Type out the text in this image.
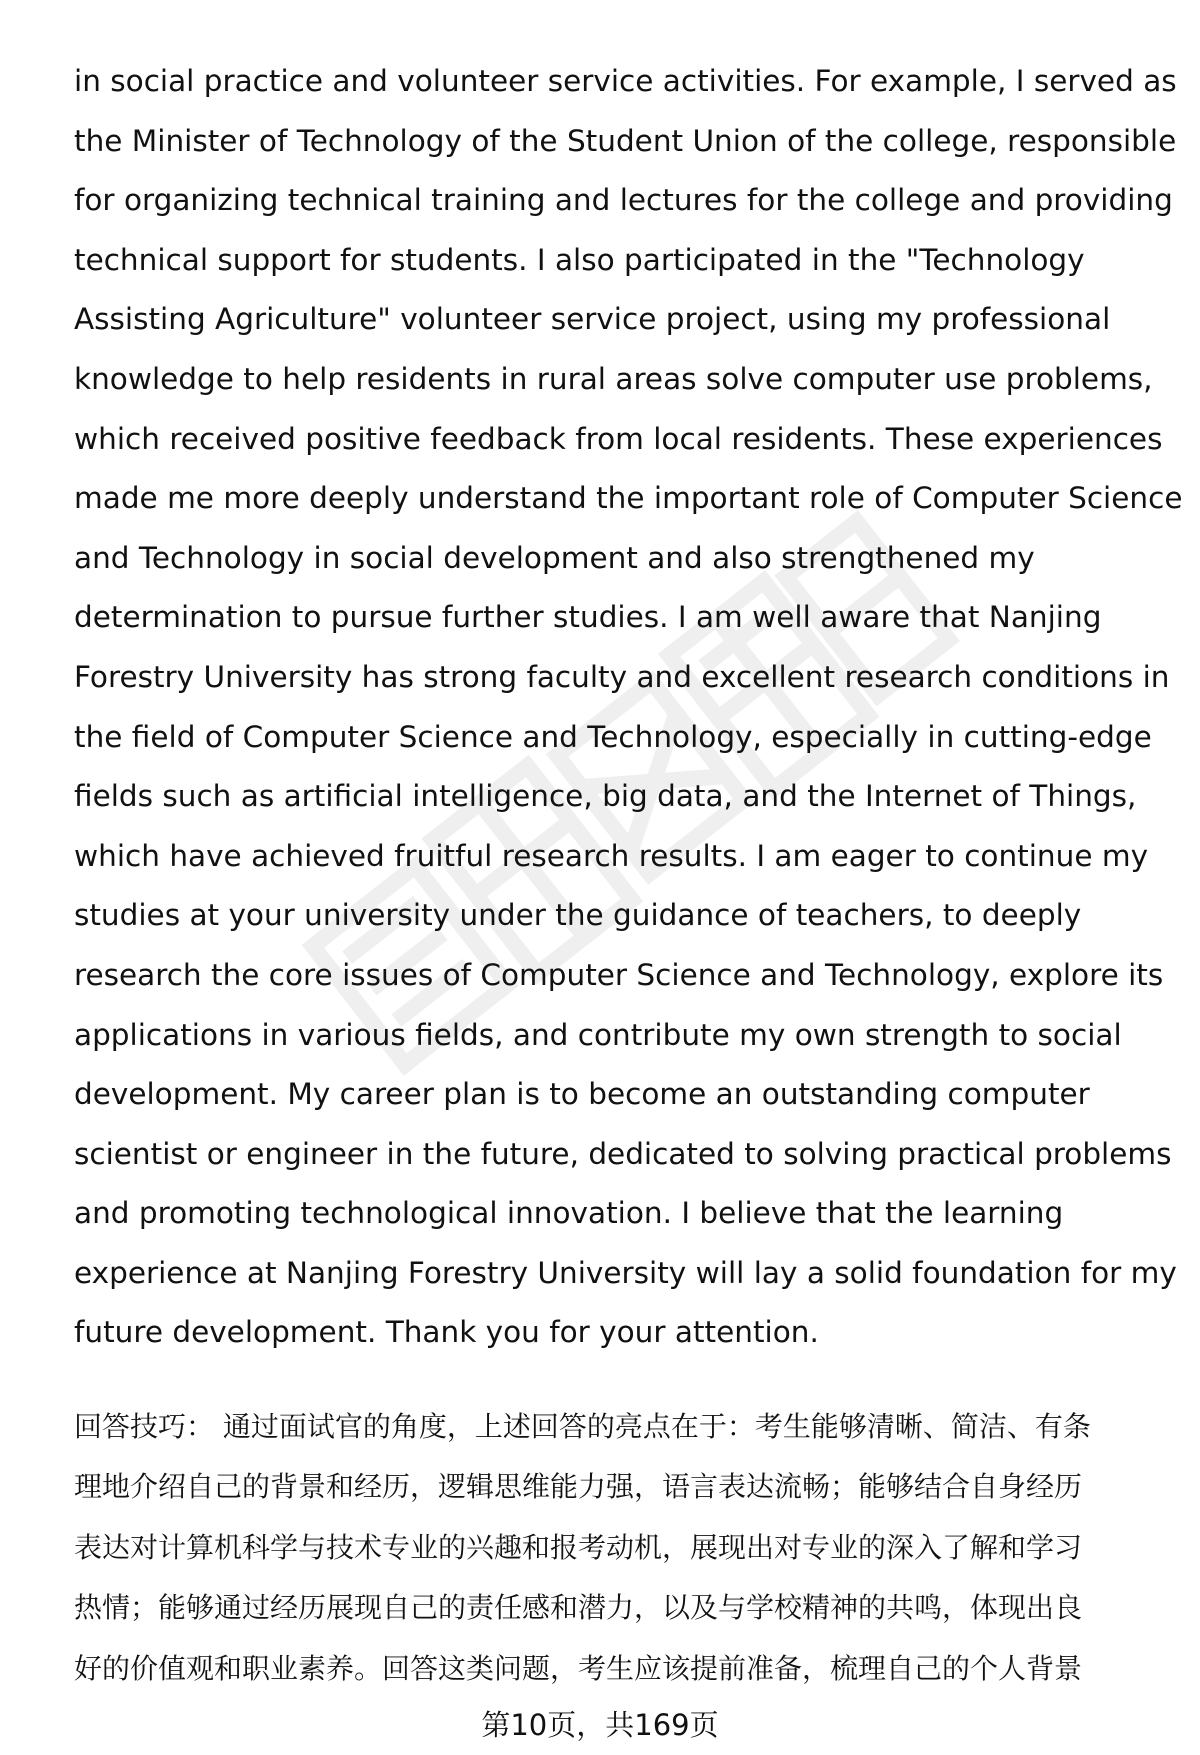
in social practice and volunteer service activities. For example, I served as
the Minister of Technology of the Student Union of the college, responsible
for organizing technical training and lectures for the college and providing
technical support for students. I also participated in the "Technology
Assisting Agriculture" volunteer service project, using my professional
knowledge to help residents in rural areas solve computer use problems,
which received positive feedback from local residents. These experiences
made me more deeply understand the important role of Computer Science
and Technology in social development and also strengthened my
determination to pursue further studies. I am well aware that Nanjing
Forestry University has strong faculty and excellent research conditions in
the field of Computer Science and Technology, especially in cutting-edge
fields such as artificial intelligence, big data, and the Internet of Things,
which have achieved fruitful research results. I am eager to continue my
studies at your university under the guidance of teachers, to deeply
research the core issues of Computer Science and Technology, explore its
applications in various fields, and contribute my own strength to social
development. My career plan is to become an outstanding computer
scientist or engineer in the future, dedicated to solving practical problems
and promoting technological innovation. I believe that the learning
experience at Nanjing Forestry University will lay a solid foundation for my
future development. Thank you for your attention.
回答技巧： 通过面试官的角度，上述回答的亮点在于：考生能够清晰、简洁、有条
理地介绍自己的背景和经历，逻辑思维能力强，语言表达流畅；能够结合自身经历
表达对计算机科学与技术专业的兴趣和报考动机，展现出对专业的深入了解和学习
热情；能够通过经历展现自己的责任感和潜力，以及与学校精神的共鸣，体现出良
好的价值观和职业素养。回答这类问题，考生应该提前准备，梳理自己的个人背景
第10页，共169页
